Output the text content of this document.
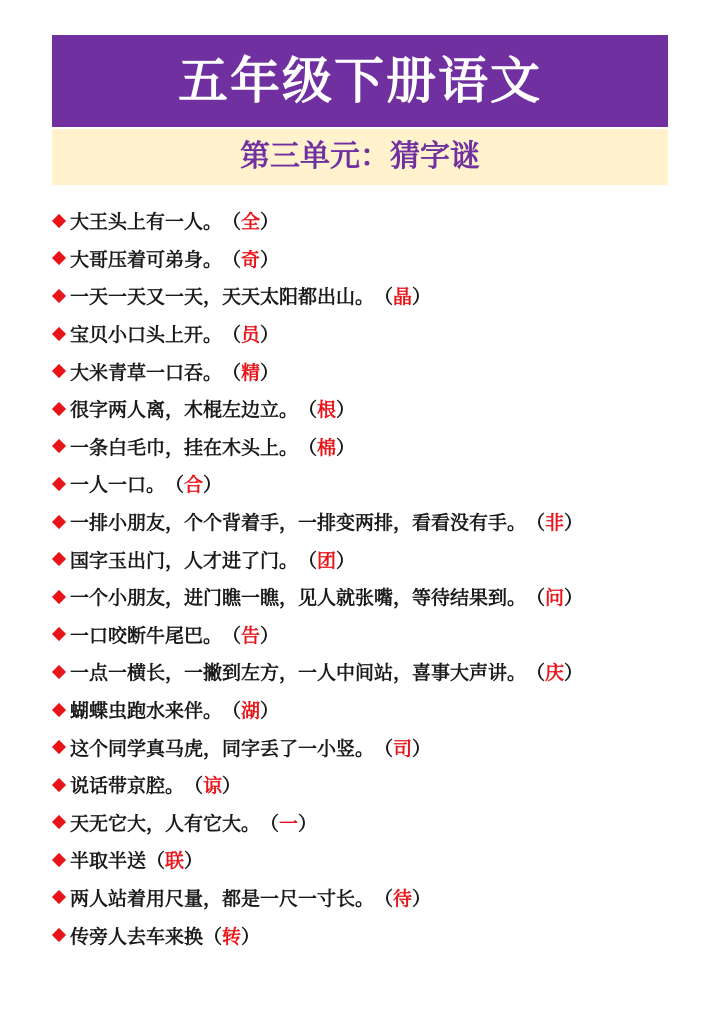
五年级下册语文
第三单元：猜字谜
大王头上有一人。 （ 全 ）
大哥压着可弟身。 （ 奇 ）
一天一天又一天，天天太阳都出山。 （ 晶 ）
宝贝小口头上开。 （ 员 ）
大米青草一口吞。 （ 精 ）
很字两人离，木棍左边立。 （ 根 ）
一条白毛巾，挂在木头上。 （ 棉 ）
一人一口。 （ 合 ）
一排小朋友，个个背着手，一排变两排，看看没有手。 （ 非 ）
国字玉出门，人才进了门。 （ 团 ）
一个小朋友，进门瞧一瞧，见人就张嘴，等待结果到。 （ 问 ）
一口咬断牛尾巴。 （ 告 ）
一点一横长，一撇到左方，一人中间站，喜事大声讲。 （ 庆 ）
蝴蝶虫跑水来伴。 （ 湖 ）
这个同学真马虎，同字丢了一小竖。 （ 司 ）
说话带京腔。 （ 谅 ）
天无它大，人有它大。 （ 一 ）
半取半送 （ 联 ）
两人站着用尺量，都是一尺一寸长。 （ 待 ）
传旁人去车来换 （ 转 ）
